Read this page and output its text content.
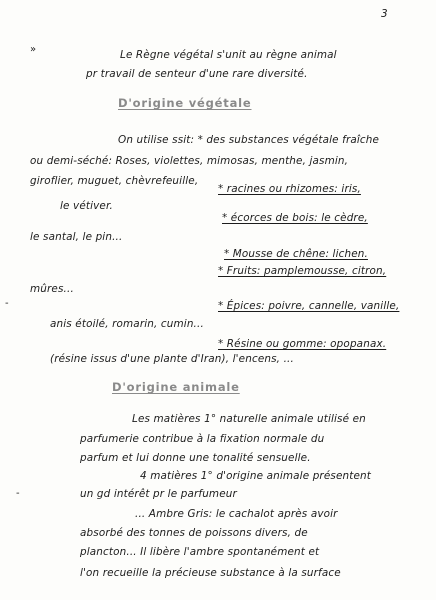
3
»
-
-
Le Règne végétal s'unit au règne animal
pr travail de senteur d'une rare diversité.
D'origine végétale
On utilise ssit: * des substances végétale fraîche
ou demi-séché: Roses, violettes, mimosas, menthe, jasmin,
giroflier, muguet, chèvrefeuille,
* racines ou rhizomes: iris,
le vétiver.
* écorces de bois: le cèdre,
le santal, le pin...
* Mousse de chêne: lichen.
* Fruits: pamplemousse, citron,
mûres...
* Épices: poivre, cannelle, vanille,
anis étoilé, romarin, cumin...
* Résine ou gomme: opopanax.
(résine issus d'une plante d'Iran), l'encens, ...
D'origine animale
Les matières 1° naturelle animale utilisé en
parfumerie contribue à la fixation normale du
parfum et lui donne une tonalité sensuelle.
4 matières 1° d'origine animale présentent
un gd intérêt pr le parfumeur
... Ambre Gris: le cachalot après avoir
absorbé des tonnes de poissons divers, de
plancton... Il libère l'ambre spontanément et
l'on recueille la précieuse substance à la surface
